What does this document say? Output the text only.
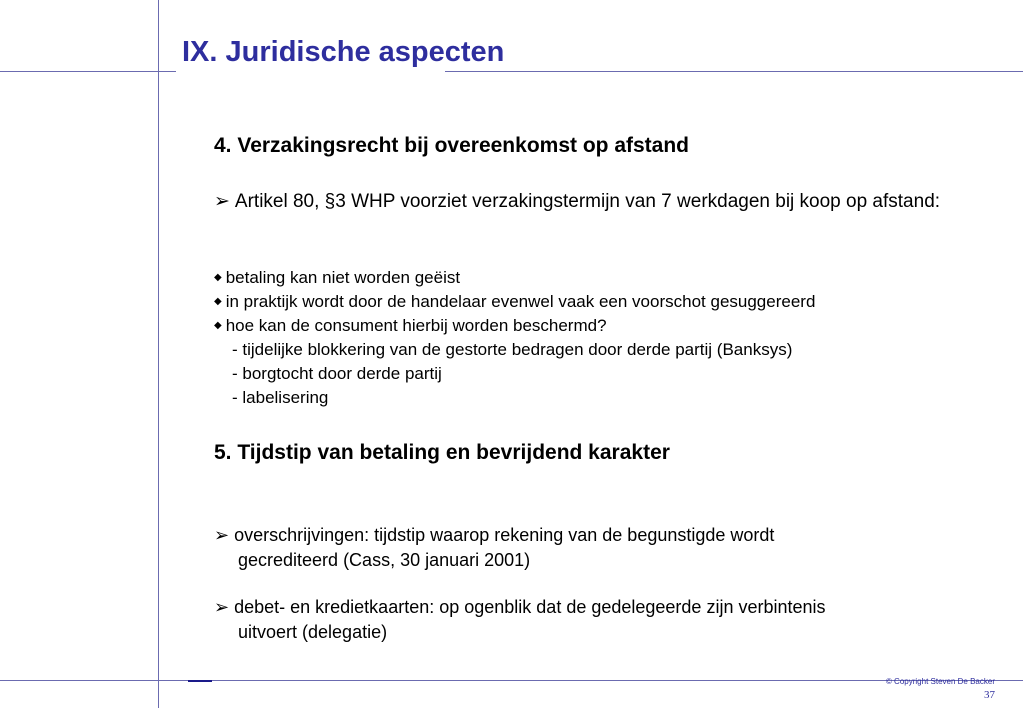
IX. Juridische aspecten
4. Verzakingsrecht bij overeenkomst op afstand
➢ Artikel 80, §3 WHP voorziet verzakingstermijn van 7 werkdagen bij koop op afstand:
◆ betaling kan niet worden geëist
◆ in praktijk wordt door de handelaar evenwel vaak een voorschot gesuggereerd
◆ hoe kan de consument hierbij worden beschermd?
- tijdelijke blokkering van de gestorte bedragen door derde partij (Banksys)
- borgtocht door derde partij
- labelisering
5. Tijdstip van betaling en bevrijdend karakter
➢ overschrijvingen: tijdstip waarop rekening van de begunstigde wordt
gecrediteerd (Cass, 30 januari 2001)
➢ debet- en kredietkaarten: op ogenblik dat de gedelegeerde zijn verbintenis
uitvoert (delegatie)
© Copyright Steven De Backer
37
